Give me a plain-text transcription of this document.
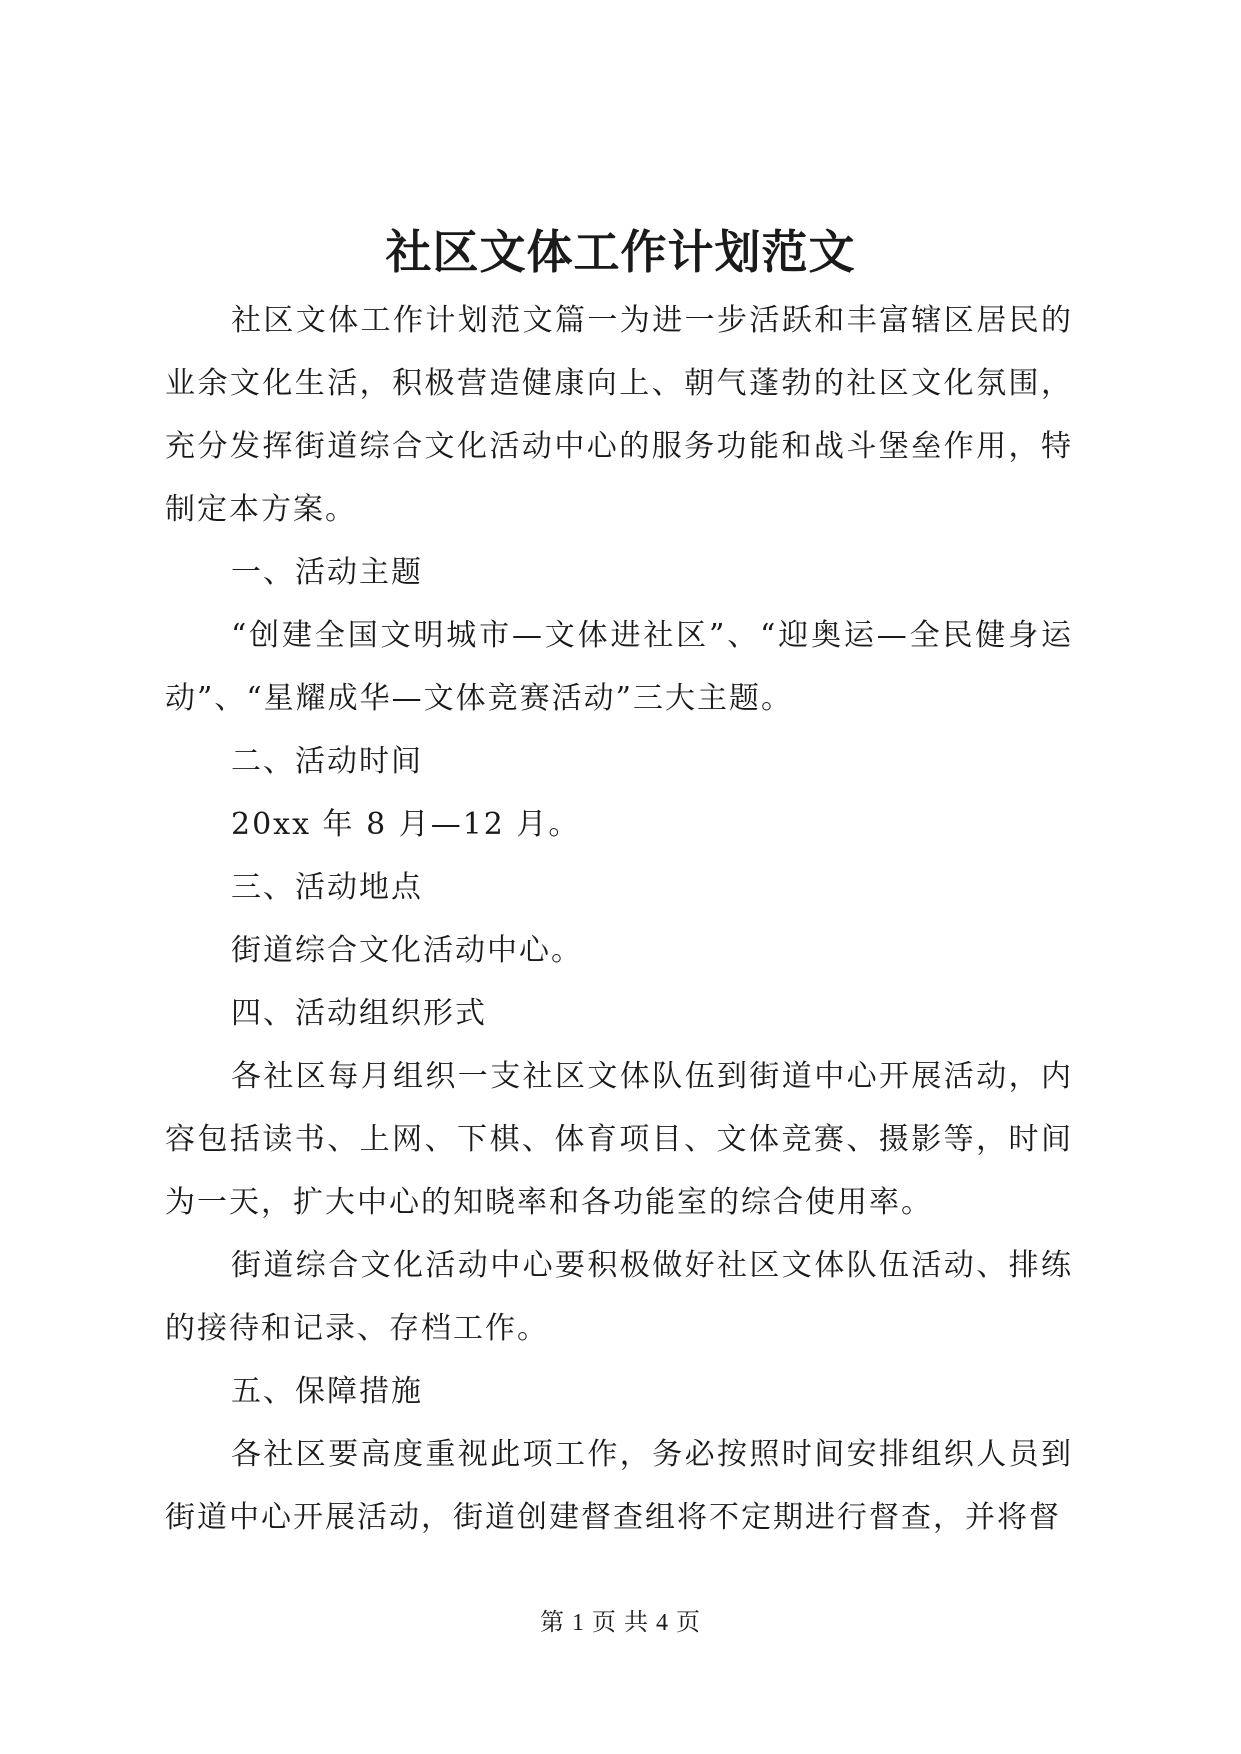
社区文体工作计划范文

社区文体工作计划范文篇一为进一步活跃和丰富辖区居民的业余文化生活，积极营造健康向上、朝气蓬勃的社区文化氛围，充分发挥街道综合文化活动中心的服务功能和战斗堡垒作用，特制定本方案。

一、活动主题

“创建全国文明城市—文体进社区”、“迎奥运—全民健身运动”、“星耀成华—文体竞赛活动”三大主题。

二、活动时间

20xx 年 8 月—12 月。

三、活动地点

街道综合文化活动中心。

四、活动组织形式

各社区每月组织一支社区文体队伍到街道中心开展活动，内容包括读书、上网、下棋、体育项目、文体竞赛、摄影等，时间为一天，扩大中心的知晓率和各功能室的综合使用率。

街道综合文化活动中心要积极做好社区文体队伍活动、排练的接待和记录、存档工作。

五、保障措施

各社区要高度重视此项工作，务必按照时间安排组织人员到街道中心开展活动，街道创建督查组将不定期进行督查，并将督

第 1 页 共 4 页
